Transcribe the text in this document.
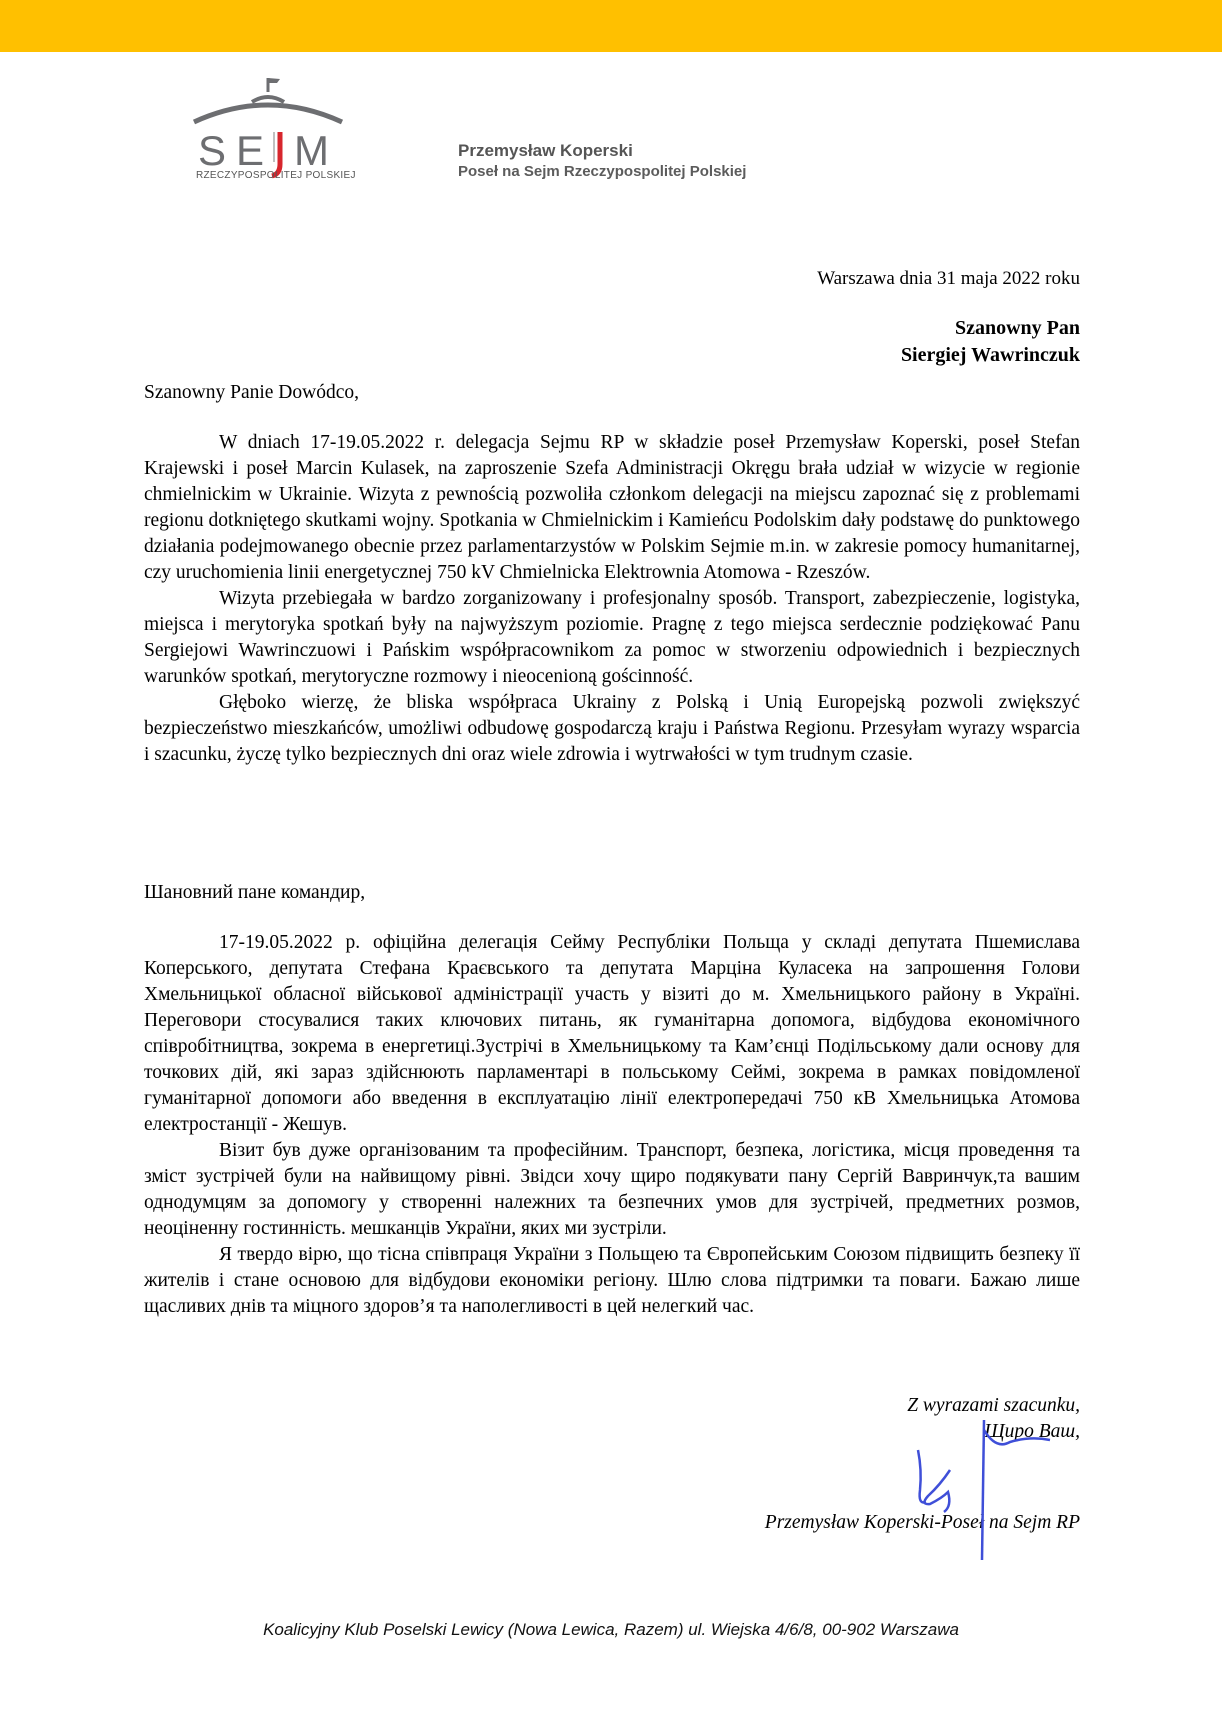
S E M
RZECZYPOSPOLITEJ POLSKIEJ
Przemysław Koperski
Poseł na Sejm Rzeczypospolitej Polskiej
Warszawa dnia 31 maja 2022 roku
Szanowny Pan
Siergiej Wawrinczuk
Szanowny Panie Dowódco,

W dniach 17-19.05.2022 r. delegacja Sejmu RP w składzie poseł Przemysław Koperski, poseł Stefan Krajewski i poseł Marcin Kulasek, na zaproszenie Szefa Administracji Okręgu brała udział w wizycie w regionie chmielnickim w Ukrainie. Wizyta z pewnością pozwoliła członkom delegacji na miejscu zapoznać się z problemami regionu dotkniętego skutkami wojny. Spotkania w Chmielnickim i Kamieńcu Podolskim dały podstawę do punktowego działania podejmowanego obecnie przez parlamentarzystów w Polskim Sejmie m.in. w zakresie pomocy humanitarnej, czy uruchomienia linii energetycznej 750 kV Chmielnicka Elektrownia Atomowa - Rzeszów.

Wizyta przebiegała w bardzo zorganizowany i profesjonalny sposób. Transport, zabezpieczenie, logistyka, miejsca i merytoryka spotkań były na najwyższym poziomie. Pragnę z tego miejsca serdecznie podziękować Panu Sergiejowi Wawrinczuowi i Pańskim współpracownikom za pomoc w stworzeniu odpowiednich i bezpiecznych warunków spotkań, merytoryczne rozmowy i nieocenioną gościnność.

Głęboko wierzę, że bliska współpraca Ukrainy z Polską i Unią Europejską pozwoli zwiększyć bezpieczeństwo mieszkańców, umożliwi odbudowę gospodarczą kraju i Państwa Regionu. Przesyłam wyrazy wsparcia i szacunku, życzę tylko bezpiecznych dni oraz wiele zdrowia i wytrwałości w tym trudnym czasie.

Шановний пане командир,

17-19.05.2022 р. офіційна делегація Сейму Республіки Польща у складі депутата Пшемислава Коперського, депутата Стефана Краєвського та депутата Марціна Куласека на запрошення Голови Хмельницької обласної військової адміністрації участь у візиті до м. Хмельницького району в Україні. Переговори стосувалися таких ключових питань, як гуманітарна допомога, відбудова економічного співробітництва, зокрема в енергетиці.Зустрічі в Хмельницькому та Кам’єнці Подільському дали основу для точкових дій, які зараз здійснюють парламентарі в польському Сеймі, зокрема в рамках повідомленої гуманітарної допомоги або введення в експлуатацію лінії електропередачі 750 кВ Хмельницька Атомова електростанції - Жешув.

Візит був дуже організованим та професійним. Транспорт, безпека, логістика, місця проведення та зміст зустрічей були на найвищому рівні. Звідси хочу щиро подякувати пану Сергій Вавринчук,та вашим однодумцям за допомогу у створенні належних та безпечних умов для зустрічей, предметних розмов, неоціненну гостинність. мешканців України, яких ми зустріли.

Я твердо вірю, що тісна співпраця України з Польщею та Європейським Союзом підвищить безпеку її жителів і стане основою для відбудови економіки регіону. Шлю слова підтримки та поваги. Бажаю лише щасливих днів та міцного здоров’я та наполегливості в цей нелегкий час.

Z wyrazami szacunku,
Щиро Ваш,
Przemysław Koperski-Poseł na Sejm RP
Koalicyjny Klub Poselski Lewicy (Nowa Lewica, Razem) ul. Wiejska 4/6/8, 00-902 Warszawa
